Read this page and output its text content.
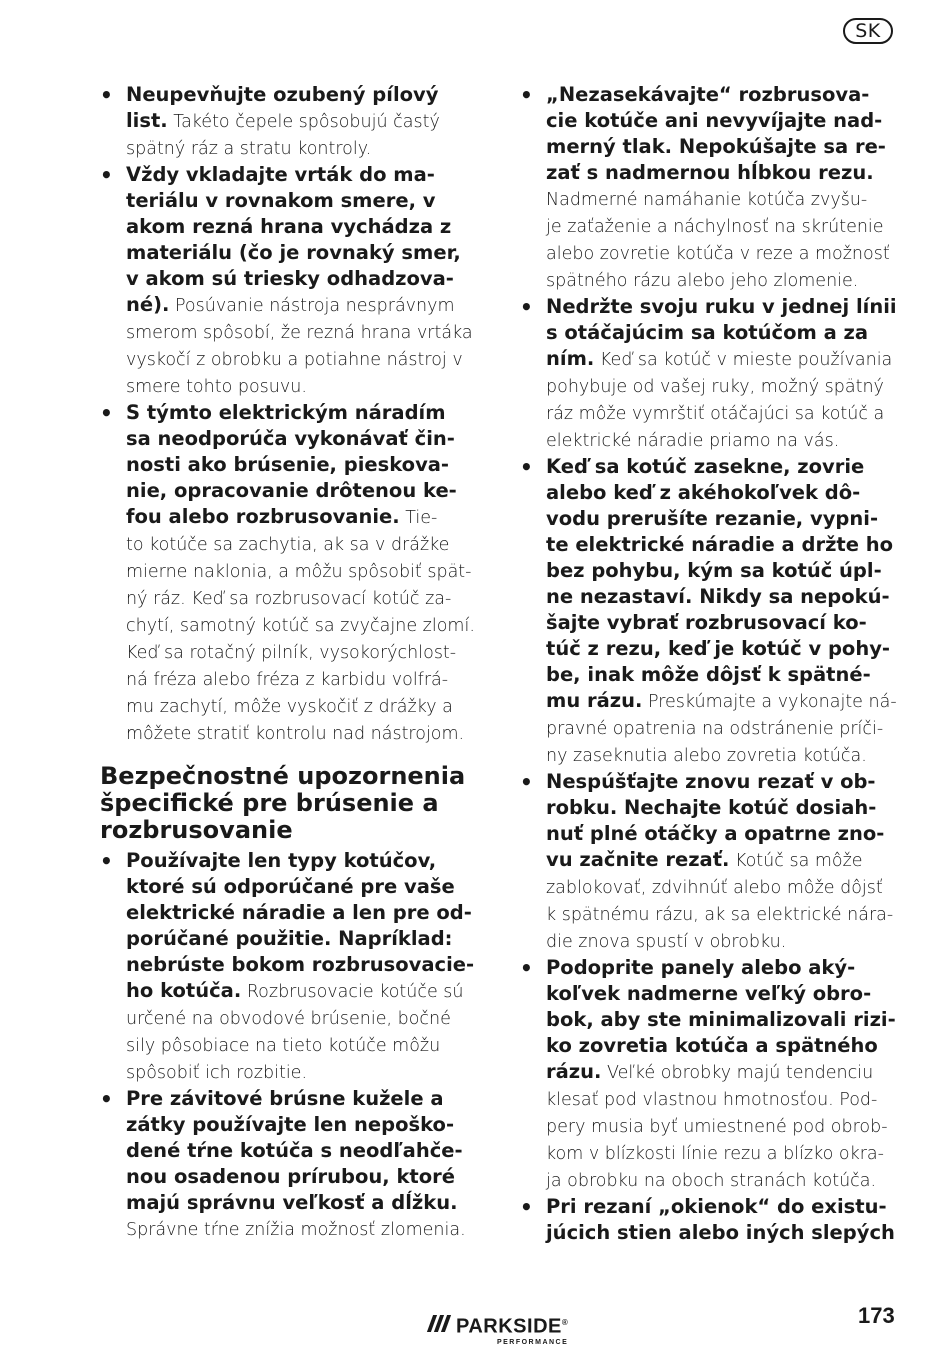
SK
• Neupevňujte ozubený pílový
list. Takéto čepele spôsobujú častý
spätný ráz a stratu kontroly.
• Vždy vkladajte vrták do ma-
teriálu v rovnakom smere, v
akom rezná hrana vychádza z
materiálu (čo je rovnaký smer,
v akom sú triesky odhadzova-
né). Posúvanie nástroja nesprávnym
smerom spôsobí, že rezná hrana vrtáka
vyskočí z obrobku a potiahne nástroj v
smere tohto posuvu.
• S týmto elektrickým náradím
sa neodporúča vykonávať čin-
nosti ako brúsenie, pieskova-
nie, opracovanie drôtenou ke-
fou alebo rozbrusovanie. Tie-
to kotúče sa zachytia, ak sa v drážke
mierne naklonia, a môžu spôsobiť spät-
ný ráz. Keď sa rozbrusovací kotúč za-
chytí, samotný kotúč sa zvyčajne zlomí.
Keď sa rotačný pilník, vysokorýchlost-
ná fréza alebo fréza z karbidu volfrá-
mu zachytí, môže vyskočiť z drážky a
môžete stratiť kontrolu nad nástrojom.
Bezpečnostné upozornenia
špecifické pre brúsenie a
rozbrusovanie
• Používajte len typy kotúčov,
ktoré sú odporúčané pre vaše
elektrické náradie a len pre od-
porúčané použitie. Napríklad:
nebrúste bokom rozbrusovacie-
ho kotúča. Rozbrusovacie kotúče sú
určené na obvodové brúsenie, bočné
sily pôsobiace na tieto kotúče môžu
spôsobiť ich rozbitie.
• Pre závitové brúsne kužele a
zátky používajte len nepoško-
dené tŕne kotúča s neodľahče-
nou osadenou prírubou, ktoré
majú správnu veľkosť a dĺžku.
Správne tŕne znížia možnosť zlomenia.
• „Nezasekávajte“ rozbrusova-
cie kotúče ani nevyvíjajte nad-
merný tlak. Nepokúšajte sa re-
zať s nadmernou hĺbkou rezu.
Nadmerné namáhanie kotúča zvyšu-
je zaťaženie a náchylnosť na skrútenie
alebo zovretie kotúča v reze a možnosť
spätného rázu alebo jeho zlomenie.
• Nedržte svoju ruku v jednej línii
s otáčajúcim sa kotúčom a za
ním. Keď sa kotúč v mieste používania
pohybuje od vašej ruky, možný spätný
ráz môže vymrštiť otáčajúci sa kotúč a
elektrické náradie priamo na vás.
• Keď sa kotúč zasekne, zovrie
alebo keď z akéhokoľvek dô-
vodu prerušíte rezanie, vypni-
te elektrické náradie a držte ho
bez pohybu, kým sa kotúč úpl-
ne nezastaví. Nikdy sa nepokú-
šajte vybrať rozbrusovací ko-
túč z rezu, keď je kotúč v pohy-
be, inak môže dôjsť k spätné-
mu rázu. Preskúmajte a vykonajte ná-
pravné opatrenia na odstránenie príči-
ny zaseknutia alebo zovretia kotúča.
• Nespúšťajte znovu rezať v ob-
robku. Nechajte kotúč dosiah-
nuť plné otáčky a opatrne zno-
vu začnite rezať. Kotúč sa môže
zablokovať, zdvihnúť alebo môže dôjsť
k spätnému rázu, ak sa elektrické nára-
die znova spustí v obrobku.
• Podoprite panely alebo aký-
koľvek nadmerne veľký obro-
bok, aby ste minimalizovali rizi-
ko zovretia kotúča a spätného
rázu. Veľké obrobky majú tendenciu
klesať pod vlastnou hmotnosťou. Pod-
pery musia byť umiestnené pod obrob-
kom v blízkosti línie rezu a blízko okra-
ja obrobku na oboch stranách kotúča.
• Pri rezaní „okienok“ do existu-
júcich stien alebo iných slepých
PARKSIDE®
PERFORMANCE
173
